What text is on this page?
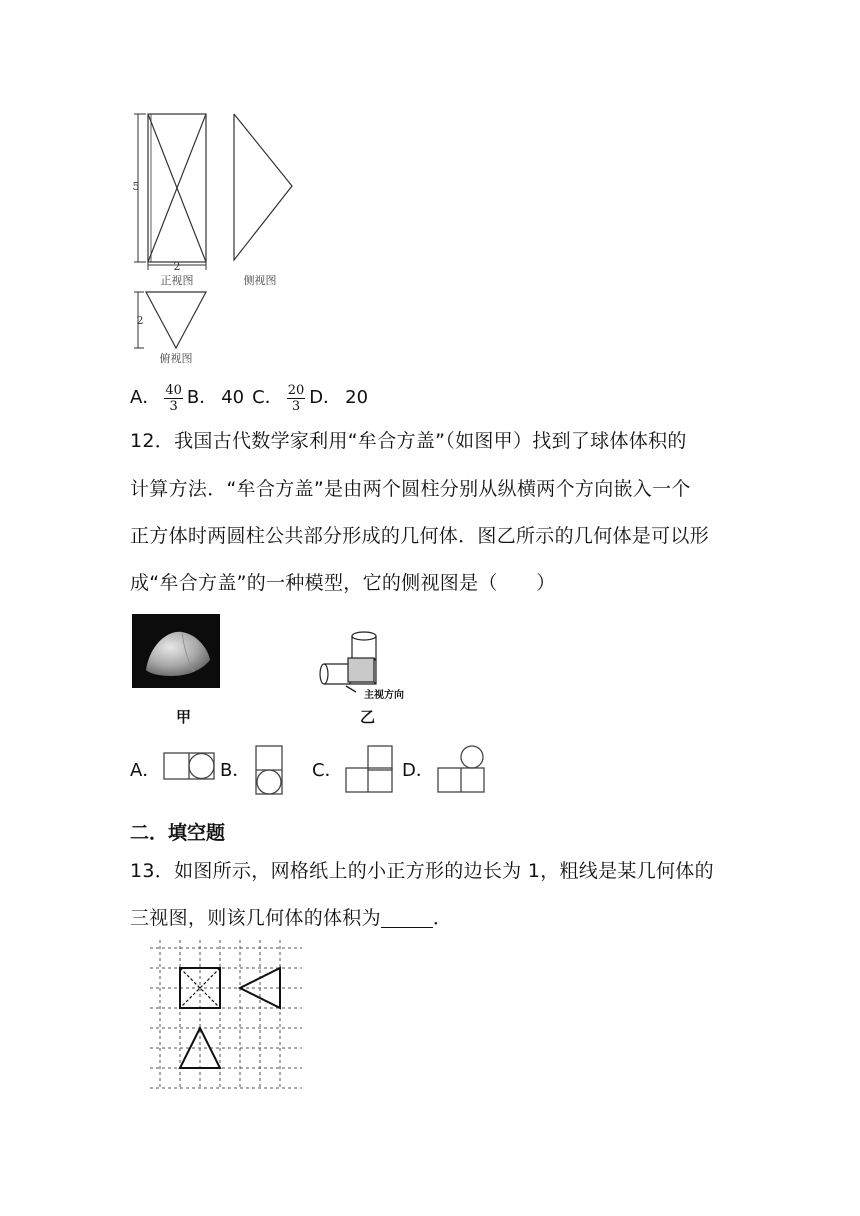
5
2
正视图	侧视图
2
俯视图
A． $\frac{40}{3}$ B． 40 C． $\frac{20}{3}$ D． 20
12．我国古代数学家利用“牟合方盖”（如图甲）找到了球体体积的
计算方法．“牟合方盖”是由两个圆柱分别从纵横两个方向嵌入一个
正方体时两圆柱公共部分形成的几何体．图乙所示的几何体是可以形
成“牟合方盖”的一种模型，它的侧视图是（　　）
甲
主视方向
乙
A．	B．	C．	D．
二．填空题
13．如图所示，网格纸上的小正方形的边长为 1，粗线是某几何体的
三视图，则该几何体的体积为	．
